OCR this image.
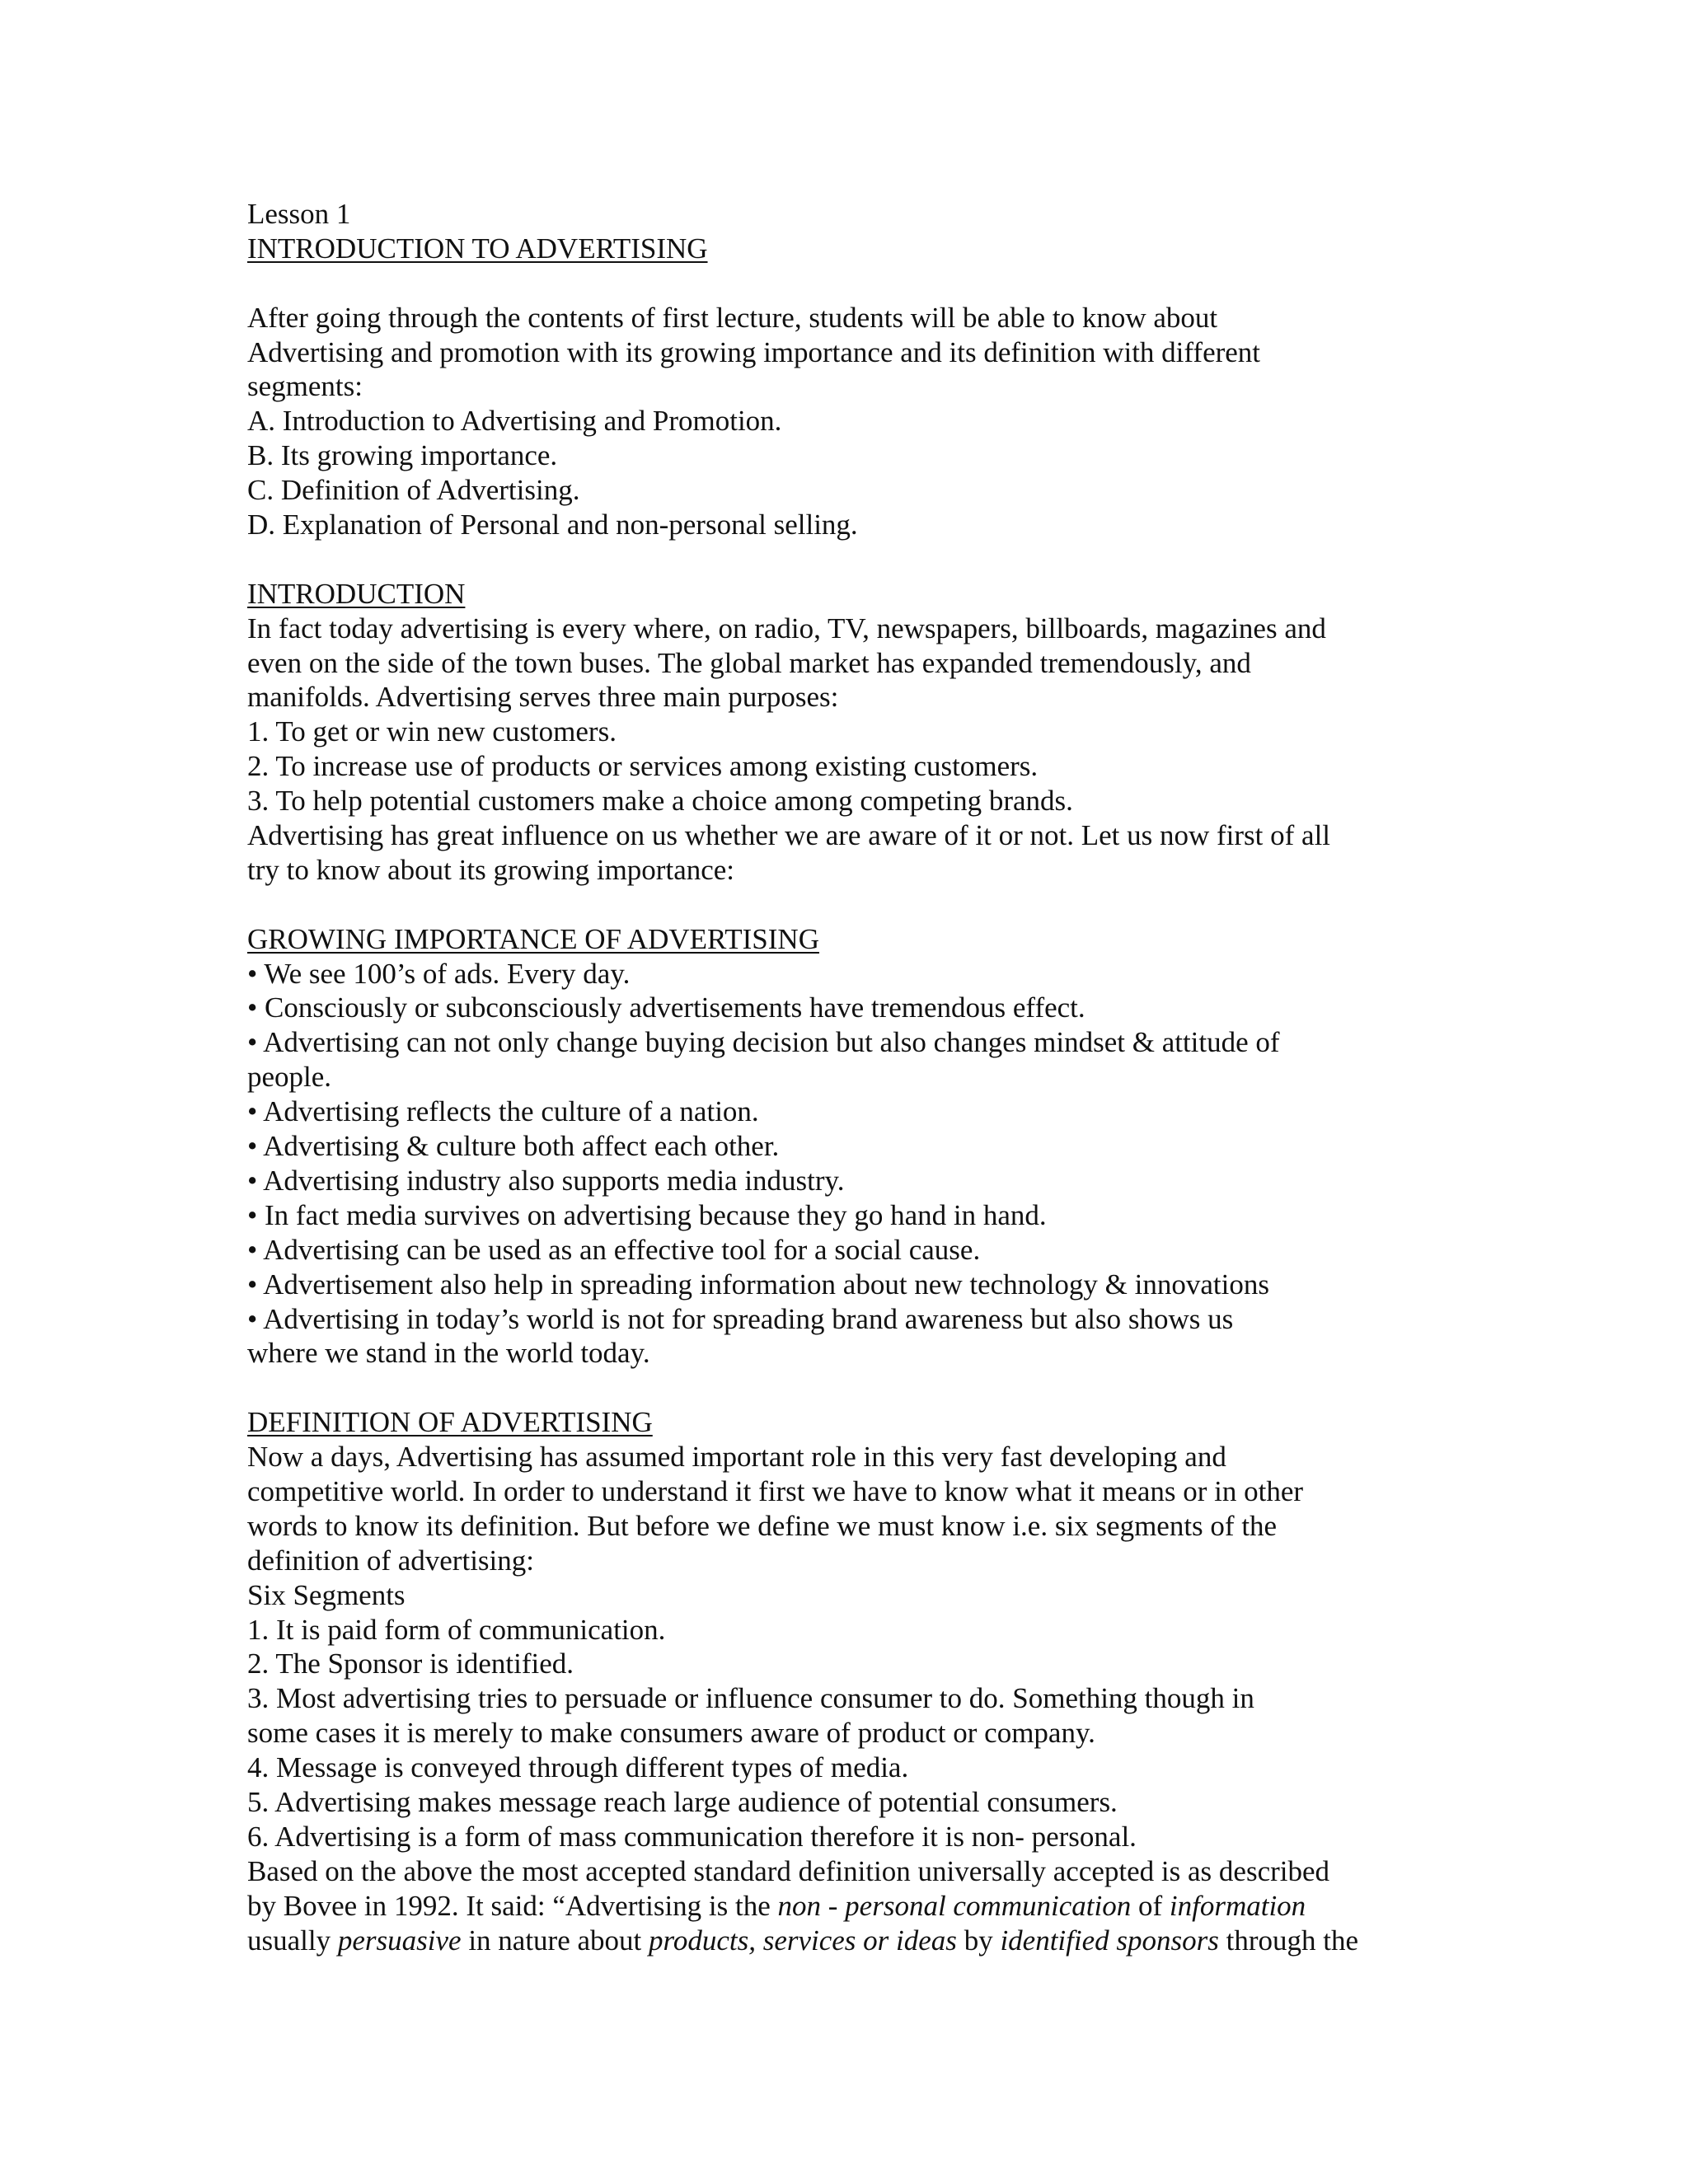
Lesson 1
INTRODUCTION TO ADVERTISING
After going through the contents of first lecture, students will be able to know about
Advertising and promotion with its growing importance and its definition with different
segments:
A. Introduction to Advertising and Promotion.
B. Its growing importance.
C. Definition of Advertising.
D. Explanation of Personal and non-personal selling.
INTRODUCTION
In fact today advertising is every where, on radio, TV, newspapers, billboards, magazines and
even on the side of the town buses. The global market has expanded tremendously, and
manifolds. Advertising serves three main purposes:
1. To get or win new customers.
2. To increase use of products or services among existing customers.
3. To help potential customers make a choice among competing brands.
Advertising has great influence on us whether we are aware of it or not. Let us now first of all
try to know about its growing importance:
GROWING IMPORTANCE OF ADVERTISING
• We see 100’s of ads. Every day.
• Consciously or subconsciously advertisements have tremendous effect.
• Advertising can not only change buying decision but also changes mindset & attitude of
people.
• Advertising reflects the culture of a nation.
• Advertising & culture both affect each other.
• Advertising industry also supports media industry.
• In fact media survives on advertising because they go hand in hand.
• Advertising can be used as an effective tool for a social cause.
• Advertisement also help in spreading information about new technology & innovations
• Advertising in today’s world is not for spreading brand awareness but also shows us
where we stand in the world today.
DEFINITION OF ADVERTISING
Now a days, Advertising has assumed important role in this very fast developing and
competitive world. In order to understand it first we have to know what it means or in other
words to know its definition. But before we define we must know i.e. six segments of the
definition of advertising:
Six Segments
1. It is paid form of communication.
2. The Sponsor is identified.
3. Most advertising tries to persuade or influence consumer to do. Something though in
some cases it is merely to make consumers aware of product or company.
4. Message is conveyed through different types of media.
5. Advertising makes message reach large audience of potential consumers.
6. Advertising is a form of mass communication therefore it is non- personal.
Based on the above the most accepted standard definition universally accepted is as described
by Bovee in 1992. It said: “Advertising is the non - personal communication of information
usually persuasive in nature about products, services or ideas by identified sponsors through the
